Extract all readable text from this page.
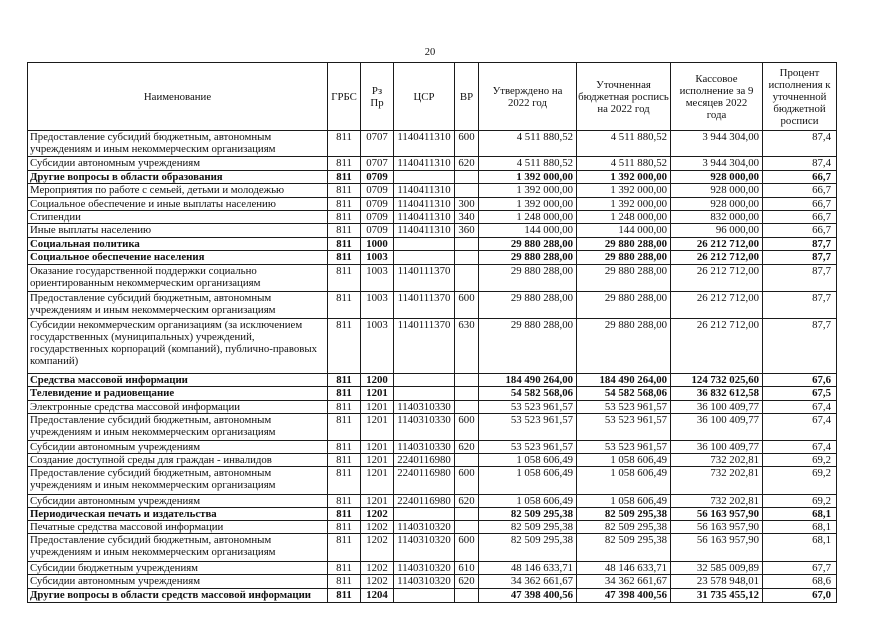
20
Наименование	ГРБС	Рз Пр	ЦСР	ВР	Утверждено на 2022 год	Уточненная бюджетная роспись на 2022 год	Кассовое исполнение за 9 месяцев 2022 года	Процент исполнения к уточненной бюджетной росписи
Предоставление субсидий бюджетным, автономным учреждениям и иным некоммерческим организациям	811	0707	1140411310	600	4 511 880,52	4 511 880,52	3 944 304,00	87,4
Субсидии автономным учреждениям	811	0707	1140411310	620	4 511 880,52	4 511 880,52	3 944 304,00	87,4
Другие вопросы в области образования	811	0709			1 392 000,00	1 392 000,00	928 000,00	66,7
Мероприятия по работе с семьей, детьми и молодежью	811	0709	1140411310		1 392 000,00	1 392 000,00	928 000,00	66,7
Социальное обеспечение и иные выплаты населению	811	0709	1140411310	300	1 392 000,00	1 392 000,00	928 000,00	66,7
Стипендии	811	0709	1140411310	340	1 248 000,00	1 248 000,00	832 000,00	66,7
Иные выплаты населению	811	0709	1140411310	360	144 000,00	144 000,00	96 000,00	66,7
Социальная политика	811	1000			29 880 288,00	29 880 288,00	26 212 712,00	87,7
Социальное обеспечение населения	811	1003			29 880 288,00	29 880 288,00	26 212 712,00	87,7
Оказание государственной поддержки социально ориентированным некоммерческим организациям	811	1003	1140111370		29 880 288,00	29 880 288,00	26 212 712,00	87,7
Предоставление субсидий бюджетным, автономным учреждениям и иным некоммерческим организациям	811	1003	1140111370	600	29 880 288,00	29 880 288,00	26 212 712,00	87,7
Субсидии некоммерческим организациям (за исключением государственных (муниципальных) учреждений, государственных корпораций (компаний), публично-правовых компаний)	811	1003	1140111370	630	29 880 288,00	29 880 288,00	26 212 712,00	87,7
Средства массовой информации	811	1200			184 490 264,00	184 490 264,00	124 732 025,60	67,6
Телевидение и радиовещание	811	1201			54 582 568,06	54 582 568,06	36 832 612,58	67,5
Электронные средства массовой информации	811	1201	1140310330		53 523 961,57	53 523 961,57	36 100 409,77	67,4
Предоставление субсидий бюджетным, автономным учреждениям и иным некоммерческим организациям	811	1201	1140310330	600	53 523 961,57	53 523 961,57	36 100 409,77	67,4
Субсидии автономным учреждениям	811	1201	1140310330	620	53 523 961,57	53 523 961,57	36 100 409,77	67,4
Создание доступной среды для граждан - инвалидов	811	1201	2240116980		1 058 606,49	1 058 606,49	732 202,81	69,2
Предоставление субсидий бюджетным, автономным учреждениям и иным некоммерческим организациям	811	1201	2240116980	600	1 058 606,49	1 058 606,49	732 202,81	69,2
Субсидии автономным учреждениям	811	1201	2240116980	620	1 058 606,49	1 058 606,49	732 202,81	69,2
Периодическая печать и издательства	811	1202			82 509 295,38	82 509 295,38	56 163 957,90	68,1
Печатные средства массовой информации	811	1202	1140310320		82 509 295,38	82 509 295,38	56 163 957,90	68,1
Предоставление субсидий бюджетным, автономным учреждениям и иным некоммерческим организациям	811	1202	1140310320	600	82 509 295,38	82 509 295,38	56 163 957,90	68,1
Субсидии бюджетным учреждениям	811	1202	1140310320	610	48 146 633,71	48 146 633,71	32 585 009,89	67,7
Субсидии автономным учреждениям	811	1202	1140310320	620	34 362 661,67	34 362 661,67	23 578 948,01	68,6
Другие вопросы в области средств массовой информации	811	1204			47 398 400,56	47 398 400,56	31 735 455,12	67,0
